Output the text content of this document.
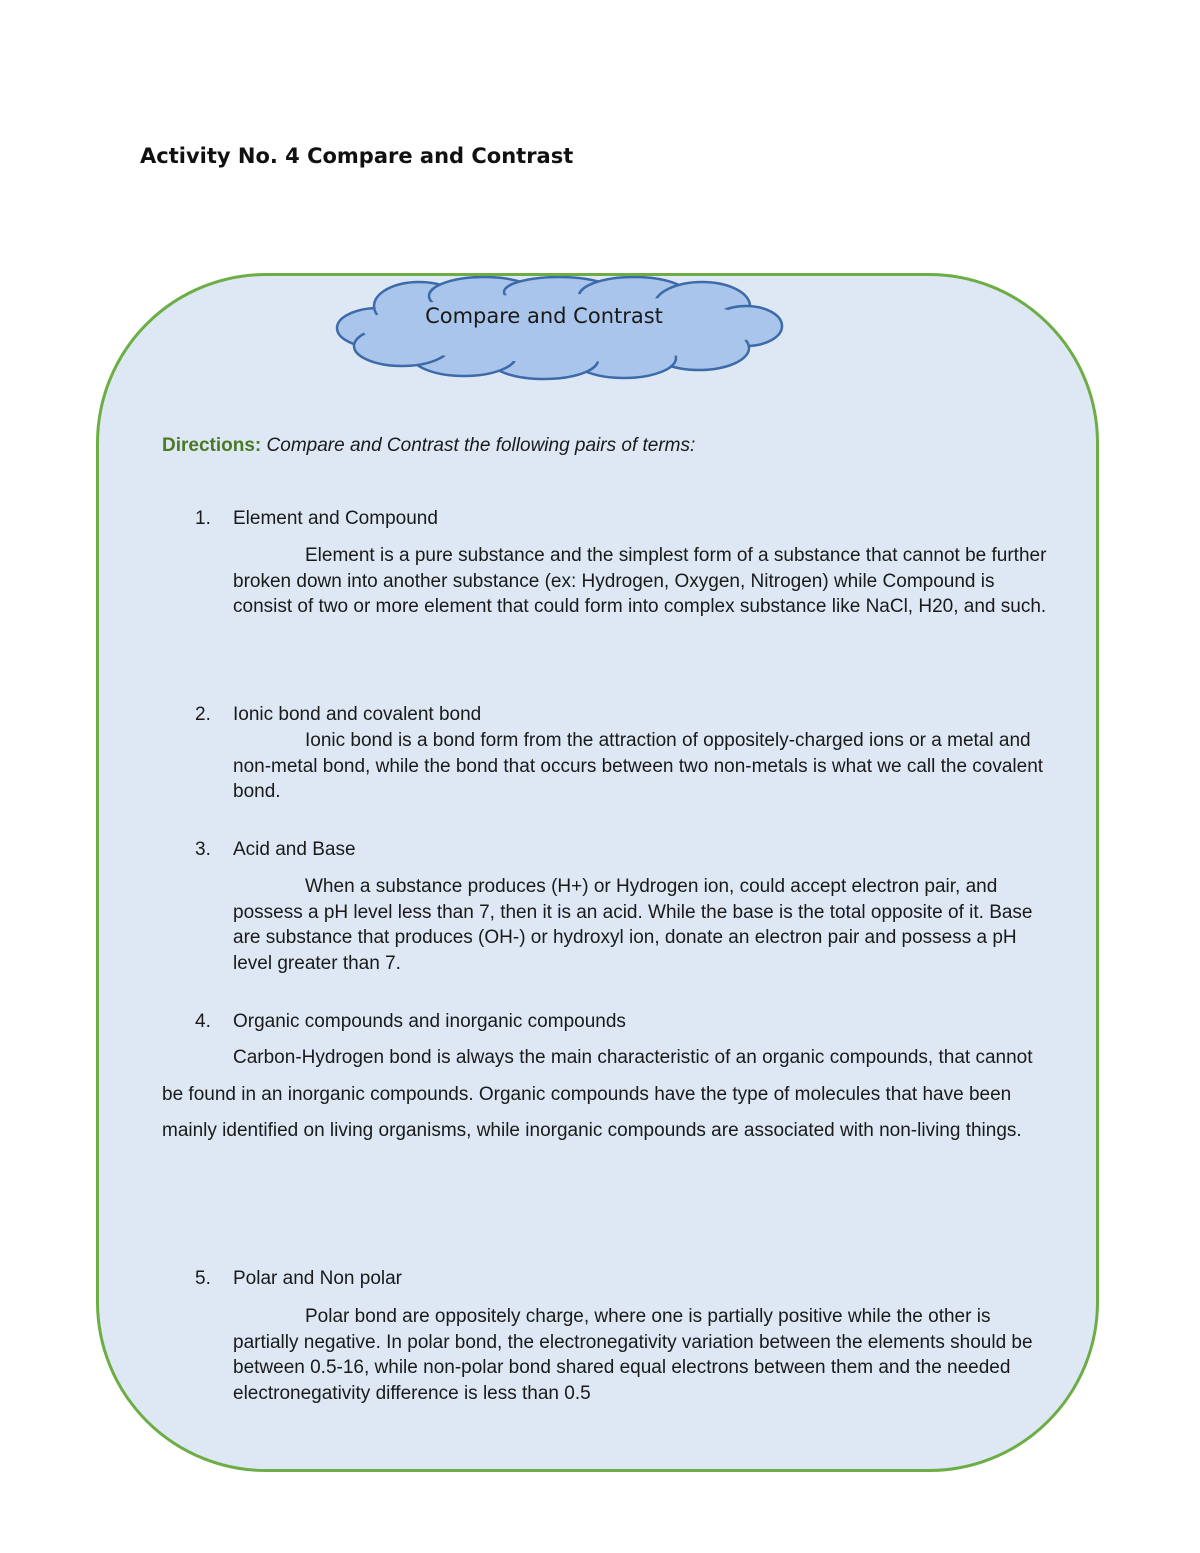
Activity No. 4 Compare and Contrast
Compare and Contrast
Directions: Compare and Contrast the following pairs of terms:
1.	Element and Compound

Element is a pure substance and the simplest form of a substance that cannot be further broken down into another substance (ex: Hydrogen, Oxygen, Nitrogen) while Compound is consist of two or more element that could form into complex substance like NaCl, H20, and such.

2.	Ionic bond and covalent bond

Ionic bond is a bond form from the attraction of oppositely-charged ions or a metal and non-metal bond, while the bond that occurs between two non-metals is what we call the covalent bond.

3.	Acid and Base

When a substance produces (H+) or Hydrogen ion, could accept electron pair, and possess a pH level less than 7, then it is an acid. While the base is the total opposite of it. Base are substance that produces (OH-) or hydroxyl ion, donate an electron pair and possess a pH level greater than 7.

4.	Organic compounds and inorganic compounds

Carbon-Hydrogen bond is always the main characteristic of an organic compounds, that cannot be found in an inorganic compounds. Organic compounds have the type of molecules that have been mainly identified on living organisms, while inorganic compounds are associated with non-living things.

5.	Polar and Non polar

Polar bond are oppositely charge, where one is partially positive while the other is partially negative. In polar bond, the electronegativity variation between the elements should be between 0.5-16, while non-polar bond shared equal electrons between them and the needed electronegativity difference is less than 0.5
